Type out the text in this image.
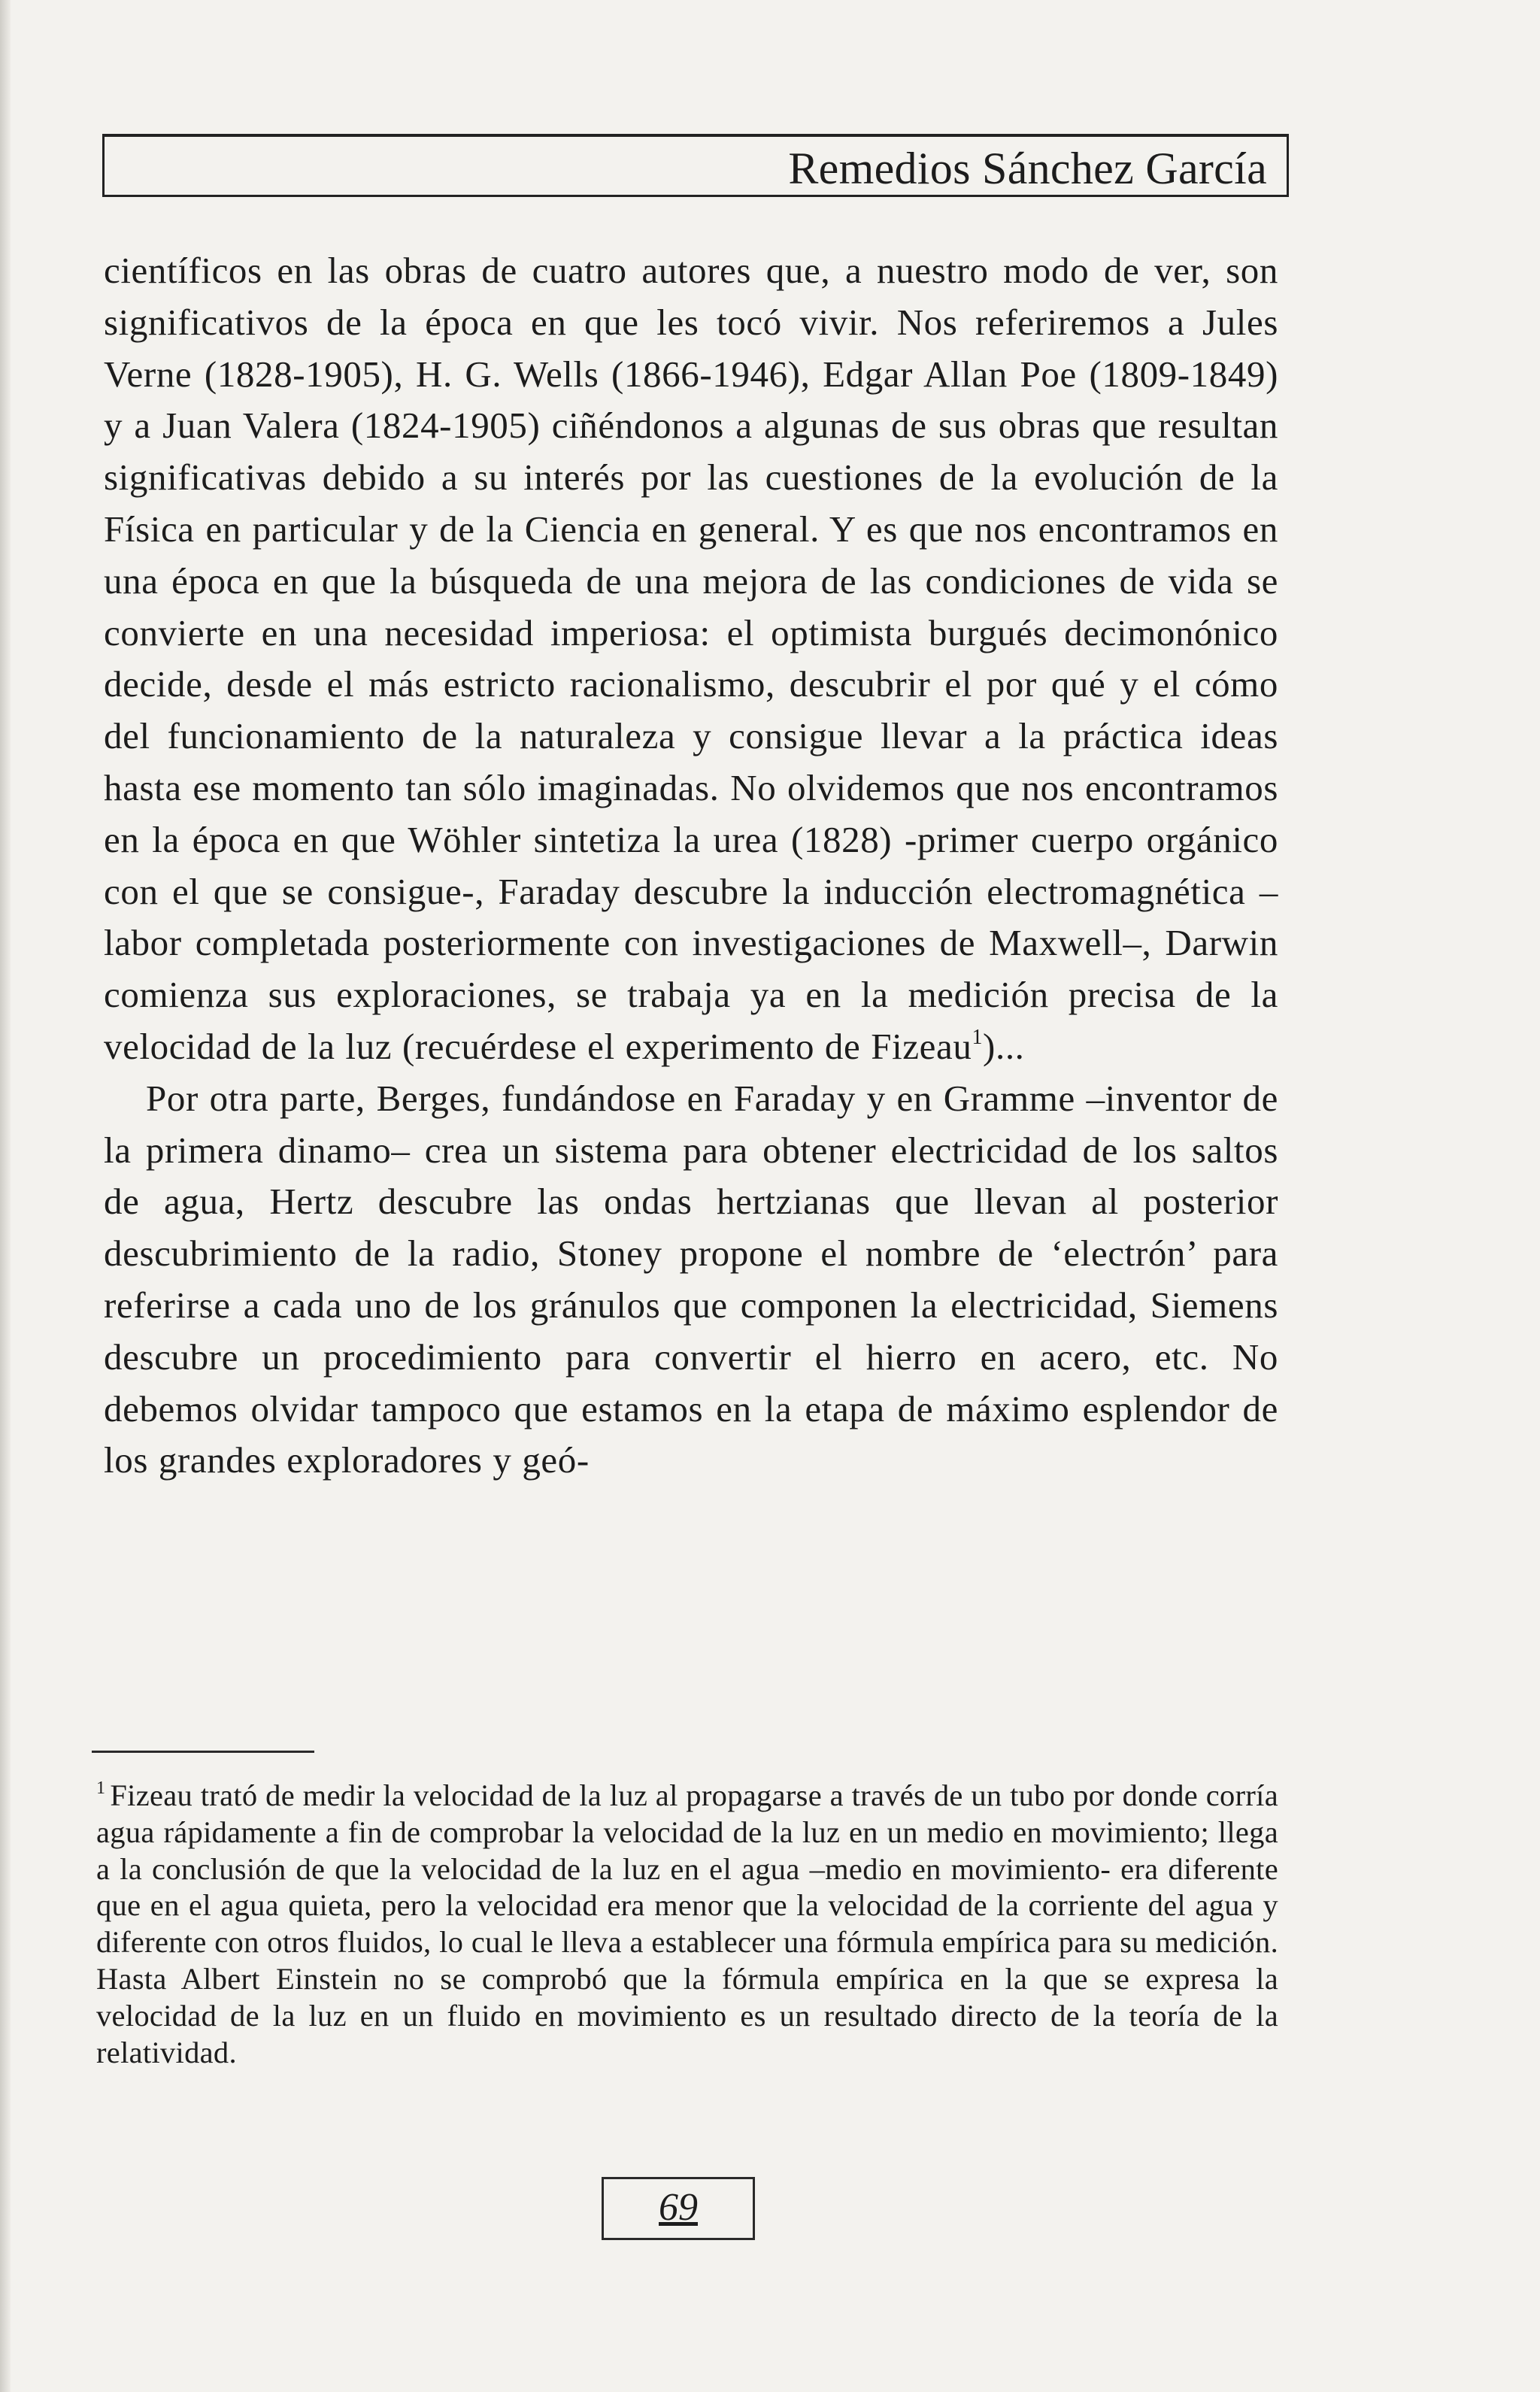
Remedios Sánchez García

científicos en las obras de cuatro autores que, a nuestro modo de ver, son significativos de la época en que les tocó vivir. Nos referiremos a Jules Verne (1828-1905), H. G. Wells (1866-1946), Edgar Allan Poe (1809-1849) y a Juan Valera (1824-1905) ciñéndonos a algunas de sus obras que resultan significativas debido a su interés por las cuestiones de la evolución de la Física en particular y de la Ciencia en general. Y es que nos encontramos en una época en que la búsqueda de una mejora de las condiciones de vida se convierte en una necesidad imperiosa: el optimista burgués decimonónico decide, desde el más estricto racionalismo, descubrir el por qué y el cómo del funcionamiento de la naturaleza y consigue llevar a la práctica ideas hasta ese momento tan sólo imaginadas. No olvidemos que nos encontramos en la época en que Wöhler sintetiza la urea (1828) -primer cuerpo orgánico con el que se consigue-, Faraday descubre la inducción electromagnética –labor completada posteriormente con investigaciones de Maxwell–, Darwin comienza sus exploraciones, se trabaja ya en la medición precisa de la velocidad de la luz (recuérdese el experimento de Fizeau$^1$)...

Por otra parte, Berges, fundándose en Faraday y en Gramme –inventor de la primera dinamo– crea un sistema para obtener electricidad de los saltos de agua, Hertz descubre las ondas hertzianas que llevan al posterior descubrimiento de la radio, Stoney propone el nombre de ‘electrón’ para referirse a cada uno de los gránulos que componen la electricidad, Siemens descubre un procedimiento para convertir el hierro en acero, etc. No debemos olvidar tampoco que estamos en la etapa de máximo esplendor de los grandes exploradores y geó-

$^1$ Fizeau trató de medir la velocidad de la luz al propagarse a través de un tubo por donde corría agua rápidamente a fin de comprobar la velocidad de la luz en un medio en movimiento; llega a la conclusión de que la velocidad de la luz en el agua –medio en movimiento- era diferente que en el agua quieta, pero la velocidad era menor que la velocidad de la corriente del agua y diferente con otros fluidos, lo cual le lleva a establecer una fórmula empírica para su medición. Hasta Albert Einstein no se comprobó que la fórmula empírica en la que se expresa la velocidad de la luz en un fluido en movimiento es un resultado directo de la teoría de la relatividad.
69
